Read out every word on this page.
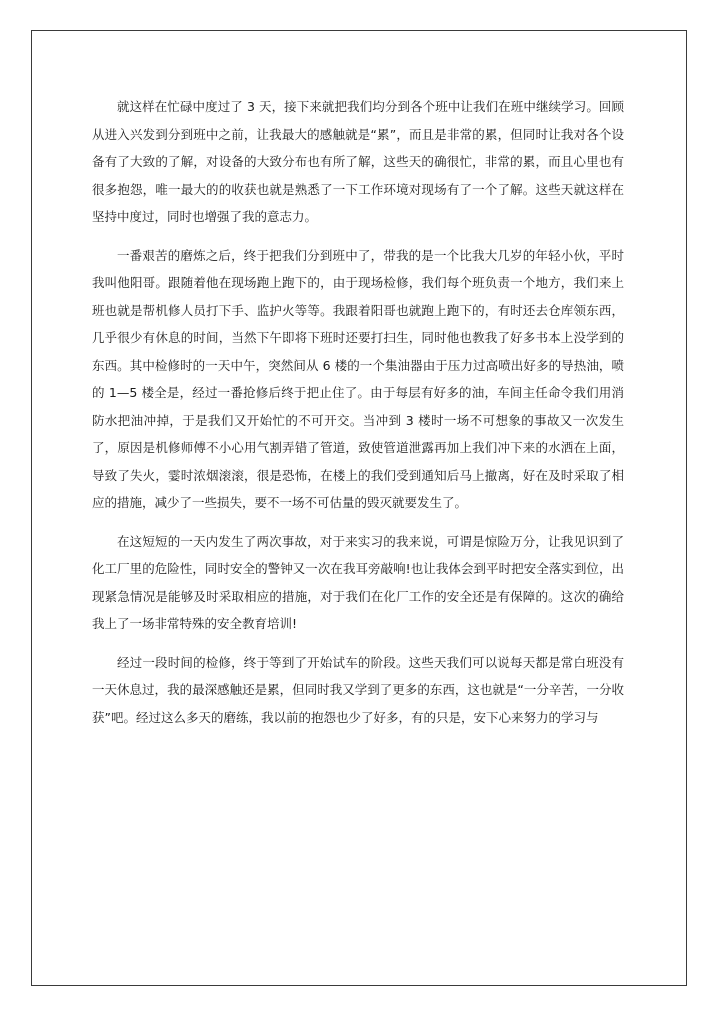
就这样在忙碌中度过了 3 天，接下来就把我们均分到各个班中让我们在班中继续学习。回顾从进入兴发到分到班中之前，让我最大的感触就是“累”，而且是非常的累，但同时让我对各个设备有了大致的了解，对设备的大致分布也有所了解，这些天的确很忙，非常的累，而且心里也有很多抱怨，唯一最大的的收获也就是熟悉了一下工作环境对现场有了一个了解。这些天就这样在坚持中度过，同时也增强了我的意志力。

一番艰苦的磨炼之后，终于把我们分到班中了，带我的是一个比我大几岁的年轻小伙，平时我叫他阳哥。跟随着他在现场跑上跑下的，由于现场检修，我们每个班负责一个地方，我们来上班也就是帮机修人员打下手、监护火等等。我跟着阳哥也就跑上跑下的，有时还去仓库领东西，几乎很少有休息的时间，当然下午即将下班时还要打扫生，同时他也教我了好多书本上没学到的东西。其中检修时的一天中午，突然间从 6 楼的一个集油器由于压力过高喷出好多的导热油，喷的 1—5 楼全是，经过一番抢修后终于把止住了。由于每层有好多的油，车间主任命令我们用消防水把油冲掉，于是我们又开始忙的不可开交。当冲到 3 楼时一场不可想象的事故又一次发生了，原因是机修师傅不小心用气割弄错了管道，致使管道泄露再加上我们冲下来的水洒在上面，导致了失火，霎时浓烟滚滚，很是恐怖，在楼上的我们受到通知后马上撤离，好在及时采取了相应的措施，减少了一些损失，要不一场不可估量的毁灭就要发生了。

在这短短的一天内发生了两次事故，对于来实习的我来说，可谓是惊险万分，让我见识到了化工厂里的危险性，同时安全的警钟又一次在我耳旁敲响!也让我体会到平时把安全落实到位，出现紧急情况是能够及时采取相应的措施，对于我们在化厂工作的安全还是有保障的。这次的确给我上了一场非常特殊的安全教育培训!

经过一段时间的检修，终于等到了开始试车的阶段。这些天我们可以说每天都是常白班没有一天休息过，我的最深感触还是累，但同时我又学到了更多的东西，这也就是“一分辛苦，一分收获”吧。经过这么多天的磨练，我以前的抱怨也少了好多，有的只是，安下心来努力的学习与
